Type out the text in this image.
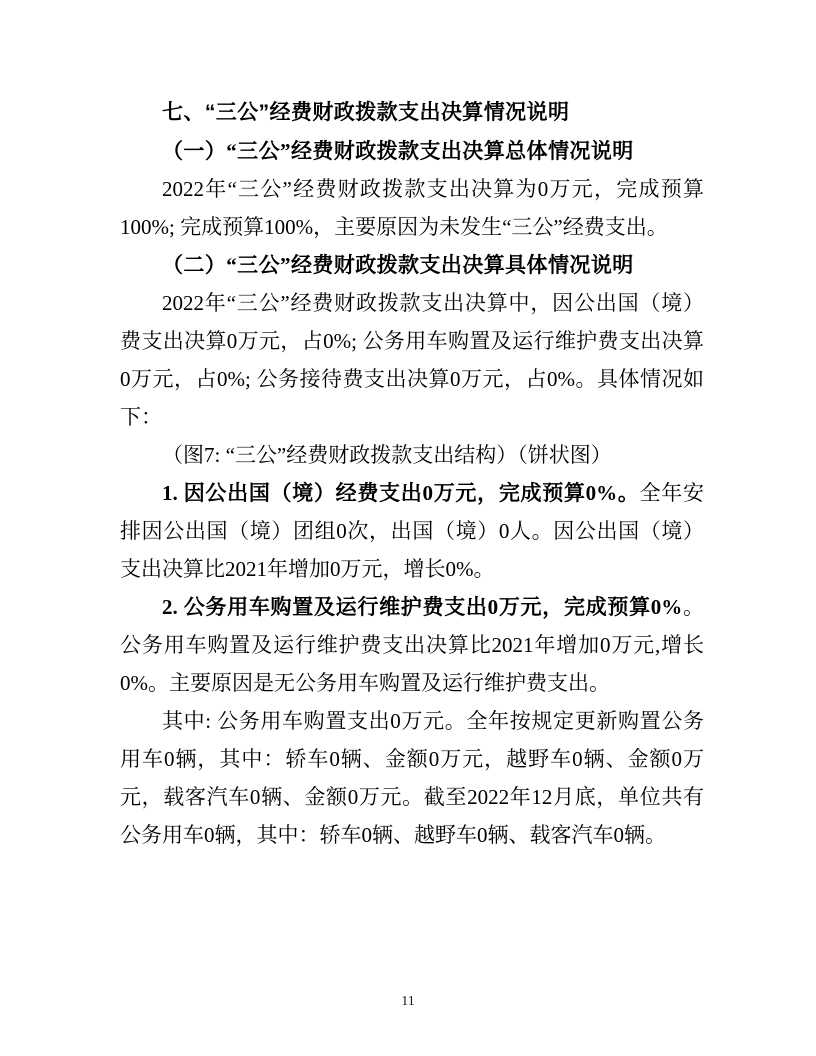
七、“三公”经费财政拨款支出决算情况说明

（一）“三公”经费财政拨款支出决算总体情况说明

2022年“三公”经费财政拨款支出决算为0万元，完成预算100%; 完成预算100%，主要原因为未发生“三公”经费支出。

（二）“三公”经费财政拨款支出决算具体情况说明

2022年“三公”经费财政拨款支出决算中，因公出国（境）费支出决算0万元，占0%; 公务用车购置及运行维护费支出决算0万元，占0%; 公务接待费支出决算0万元，占0%。具体情况如下：

（图7: “三公”经费财政拨款支出结构）（饼状图）

1. 因公出国（境）经费支出0万元，完成预算0%。全年安排因公出国（境）团组0次，出国（境）0人。因公出国（境）支出决算比2021年增加0万元，增长0%。

2. 公务用车购置及运行维护费支出0万元，完成预算0%。公务用车购置及运行维护费支出决算比2021年增加0万元,增长0%。主要原因是无公务用车购置及运行维护费支出。

其中: 公务用车购置支出0万元。全年按规定更新购置公务用车0辆，其中：轿车0辆、金额0万元，越野车0辆、金额0万元，载客汽车0辆、金额0万元。截至2022年12月底，单位共有公务用车0辆，其中：轿车0辆、越野车0辆、载客汽车0辆。

11
